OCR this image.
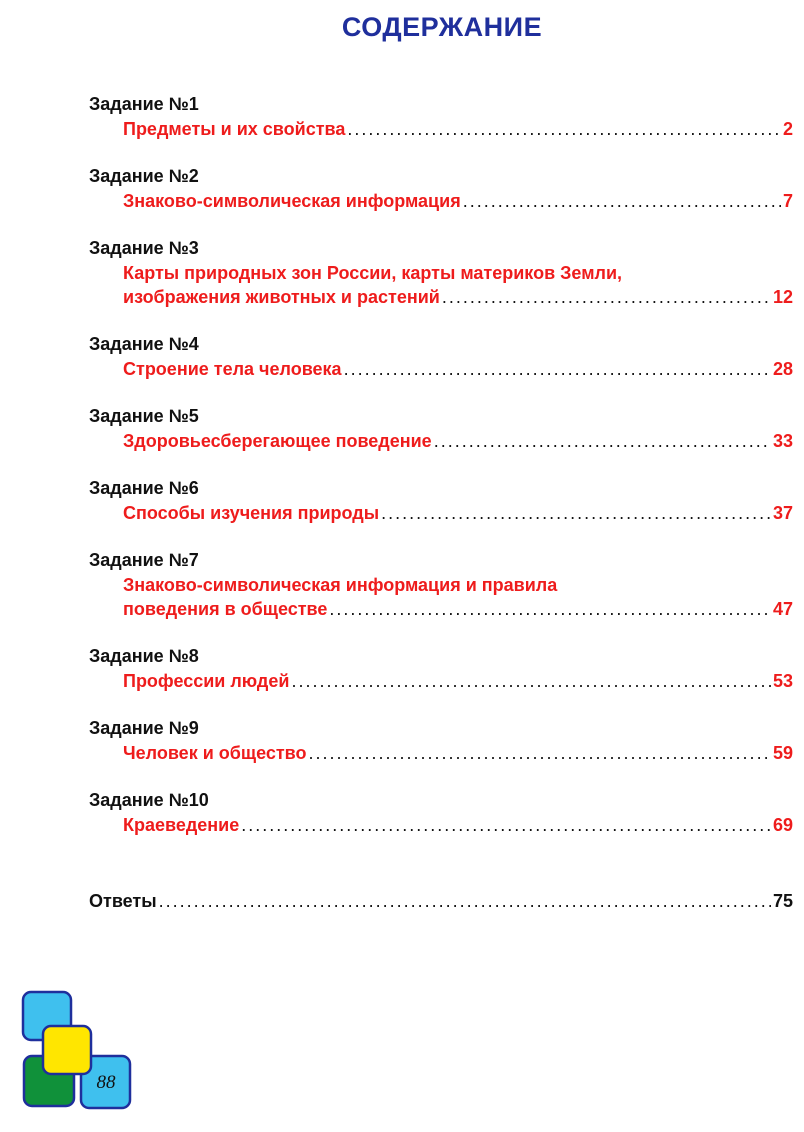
СОДЕРЖАНИЕ
Задание №1
Предметы и их свойства .....	2
Задание №2
Знаково-символическая информация .....	7
Задание №3
Карты природных зон России, карты материков Земли,
изображения животных и растений .....	12
Задание №4
Строение тела человека .....	28
Задание №5
Здоровьесберегающее поведение .....	33
Задание №6
Способы изучения природы .....	37
Задание №7
Знаково-символическая информация и правила
поведения в обществе .....	47
Задание №8
Профессии людей .....	53
Задание №9
Человек и общество .....	59
Задание №10
Краеведение .....	69
Ответы .....	75
88
